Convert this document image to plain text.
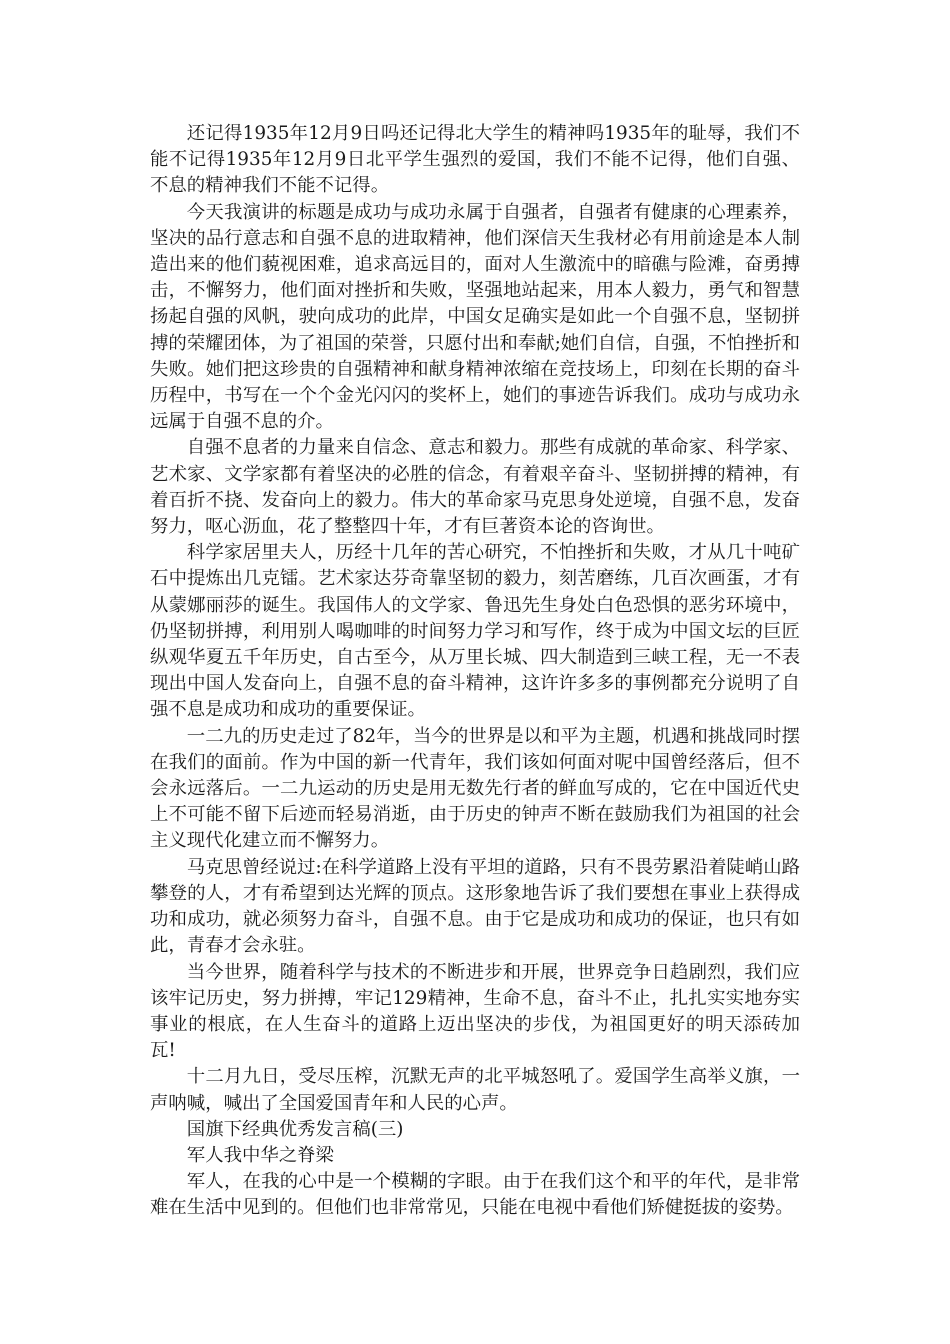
还记得1935年12月9日吗还记得北大学生的精神吗1935年的耻辱，我们不能不记得1935年12月9日北平学生强烈的爱国，我们不能不记得，他们自强、不息的精神我们不能不记得。

今天我演讲的标题是成功与成功永属于自强者，自强者有健康的心理素养，坚决的品行意志和自强不息的进取精神，他们深信天生我材必有用前途是本人制造出来的他们藐视困难，追求高远目的，面对人生激流中的暗礁与险滩，奋勇搏击，不懈努力，他们面对挫折和失败，坚强地站起来，用本人毅力，勇气和智慧扬起自强的风帆，驶向成功的此岸，中国女足确实是如此一个自强不息，坚韧拼搏的荣耀团体，为了祖国的荣誉，只愿付出和奉献;她们自信，自强，不怕挫折和失败。她们把这珍贵的自强精神和献身精神浓缩在竞技场上，印刻在长期的奋斗历程中，书写在一个个金光闪闪的奖杯上，她们的事迹告诉我们。成功与成功永远属于自强不息的介。

自强不息者的力量来自信念、意志和毅力。那些有成就的革命家、科学家、艺术家、文学家都有着坚决的必胜的信念，有着艰辛奋斗、坚韧拼搏的精神，有着百折不挠、发奋向上的毅力。伟大的革命家马克思身处逆境，自强不息，发奋努力，呕心沥血，花了整整四十年，才有巨著资本论的咨询世。

科学家居里夫人，历经十几年的苦心研究，不怕挫折和失败，才从几十吨矿石中提炼出几克镭。艺术家达芬奇靠坚韧的毅力，刻苦磨练，几百次画蛋，才有从蒙娜丽莎的诞生。我国伟人的文学家、鲁迅先生身处白色恐惧的恶劣环境中，仍坚韧拼搏，利用别人喝咖啡的时间努力学习和写作，终于成为中国文坛的巨匠纵观华夏五千年历史，自古至今，从万里长城、四大制造到三峡工程，无一不表现出中国人发奋向上，自强不息的奋斗精神，这许许多多的事例都充分说明了自强不息是成功和成功的重要保证。

一二九的历史走过了82年，当今的世界是以和平为主题，机遇和挑战同时摆在我们的面前。作为中国的新一代青年，我们该如何面对呢中国曾经落后，但不会永远落后。一二九运动的历史是用无数先行者的鲜血写成的，它在中国近代史上不可能不留下后迹而轻易消逝，由于历史的钟声不断在鼓励我们为祖国的社会主义现代化建立而不懈努力。

马克思曾经说过:在科学道路上没有平坦的道路，只有不畏劳累沿着陡峭山路攀登的人，才有希望到达光辉的顶点。这形象地告诉了我们要想在事业上获得成功和成功，就必须努力奋斗，自强不息。由于它是成功和成功的保证，也只有如此，青春才会永驻。

当今世界，随着科学与技术的不断进步和开展，世界竞争日趋剧烈，我们应该牢记历史，努力拼搏，牢记129精神，生命不息，奋斗不止，扎扎实实地夯实事业的根底，在人生奋斗的道路上迈出坚决的步伐，为祖国更好的明天添砖加瓦!

十二月九日，受尽压榨，沉默无声的北平城怒吼了。爱国学生高举义旗，一声呐喊，喊出了全国爱国青年和人民的心声。

国旗下经典优秀发言稿(三)

军人我中华之脊梁

军人，在我的心中是一个模糊的字眼。由于在我们这个和平的年代，是非常难在生活中见到的。但他们也非常常见，只能在电视中看他们矫健挺拔的姿势。
